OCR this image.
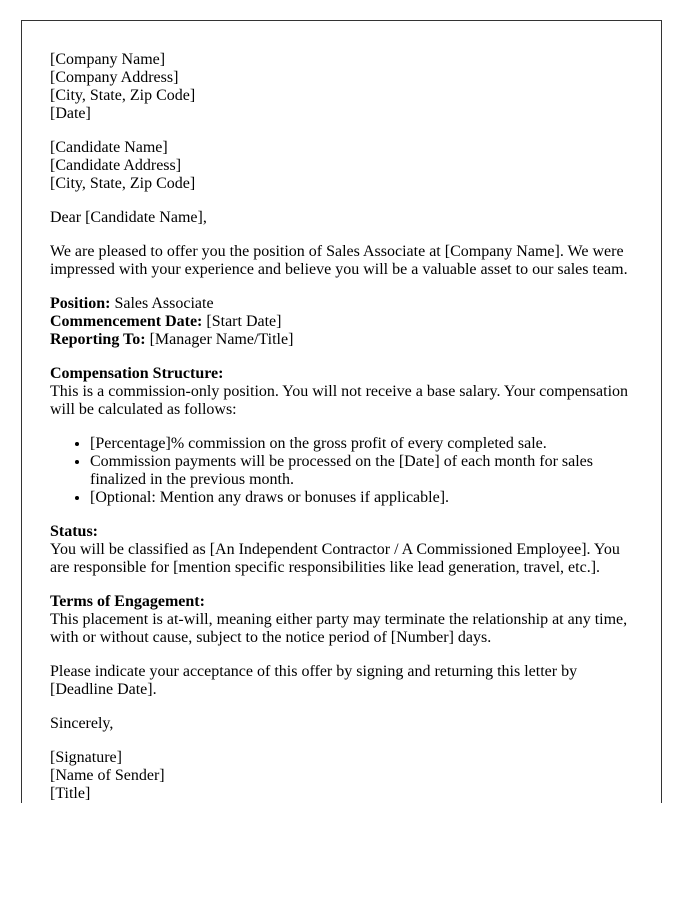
[Company Name]
[Company Address]
[City, State, Zip Code]
[Date]

[Candidate Name]
[Candidate Address]
[City, State, Zip Code]

Dear [Candidate Name],

We are pleased to offer you the position of Sales Associate at [Company Name]. We were impressed with your experience and believe you will be a valuable asset to our sales team.

Position: Sales Associate
Commencement Date: [Start Date]
Reporting To: [Manager Name/Title]

Compensation Structure:
This is a commission-only position. You will not receive a base salary. Your compensation will be calculated as follows:

• [Percentage]% commission on the gross profit of every completed sale.
• Commission payments will be processed on the [Date] of each month for sales finalized in the previous month.
• [Optional: Mention any draws or bonuses if applicable].

Status:
You will be classified as [An Independent Contractor / A Commissioned Employee]. You are responsible for [mention specific responsibilities like lead generation, travel, etc.].

Terms of Engagement:
This placement is at-will, meaning either party may terminate the relationship at any time, with or without cause, subject to the notice period of [Number] days.

Please indicate your acceptance of this offer by signing and returning this letter by [Deadline Date].

Sincerely,

[Signature]
[Name of Sender]
[Title]
